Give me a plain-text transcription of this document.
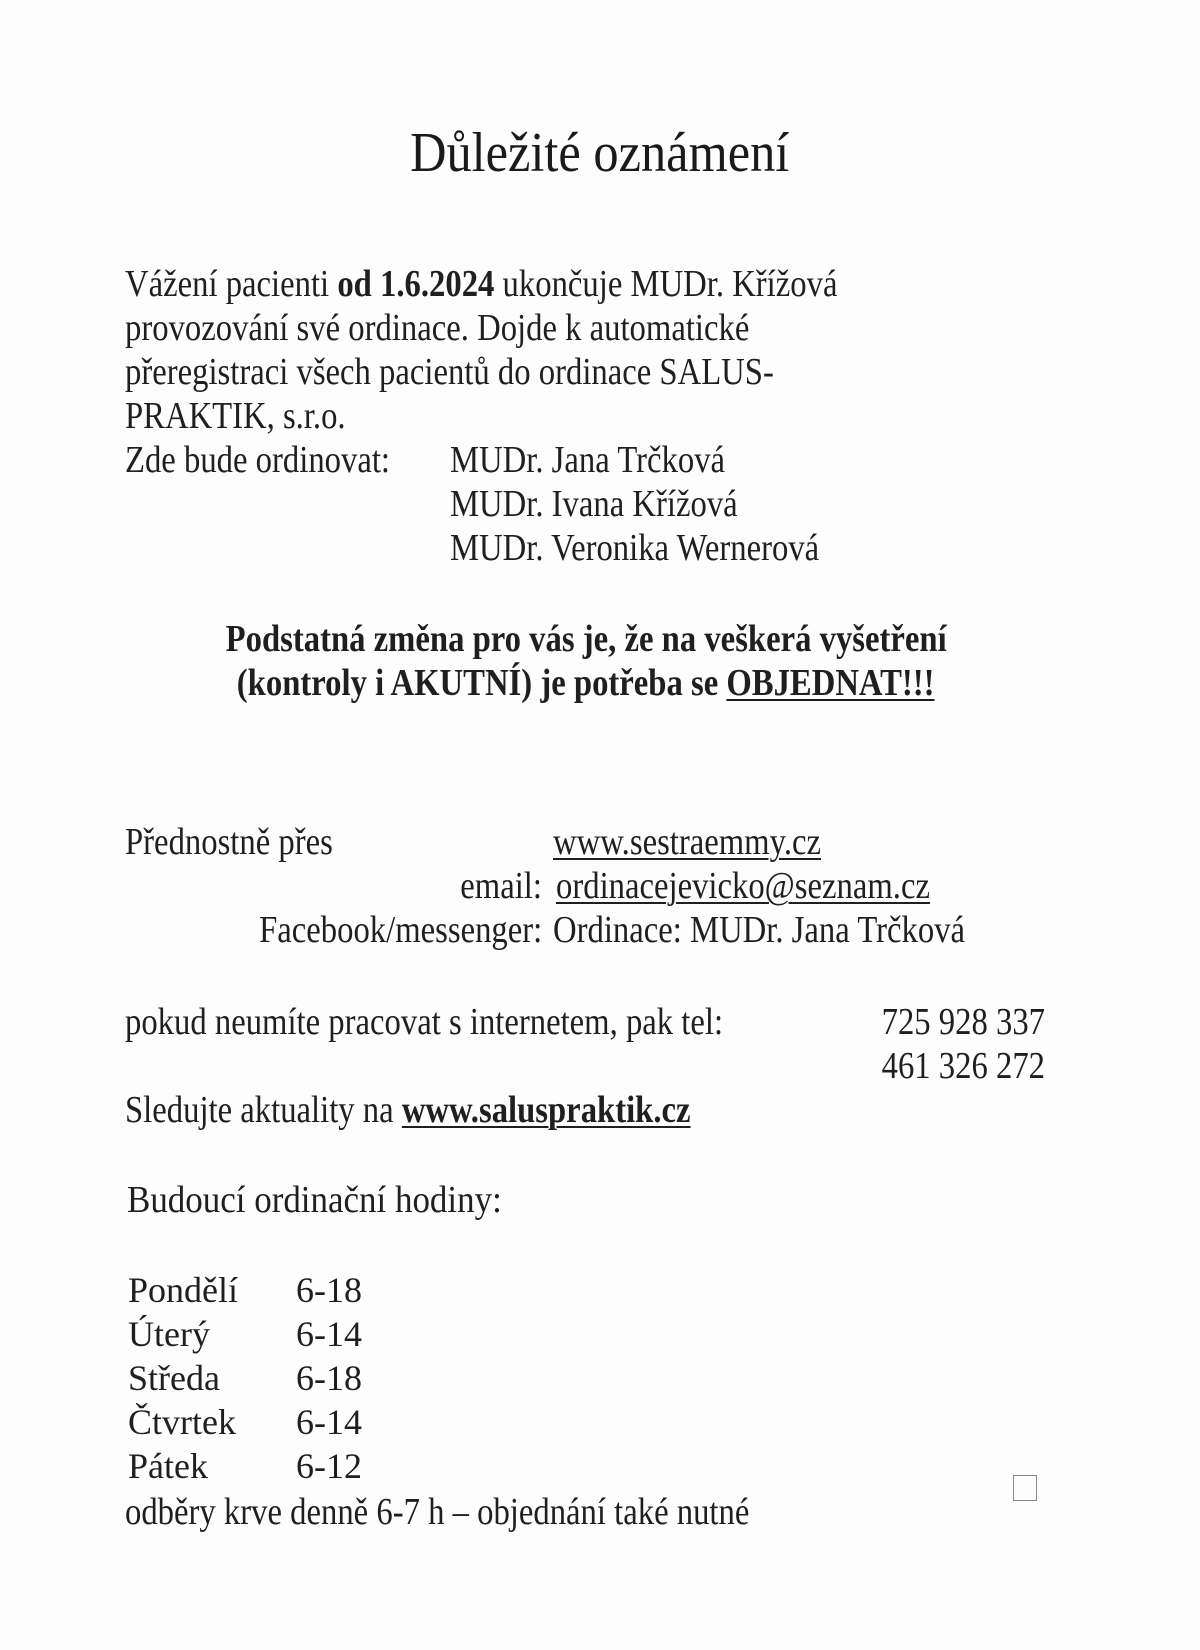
Důležité oznámení
Vážení pacienti od 1.6.2024 ukončuje MUDr. Křížová
provozování své ordinace. Dojde k automatické
přeregistraci všech pacientů do ordinace SALUS-
PRAKTIK, s.r.o.
Zde bude ordinovat: MUDr. Jana Trčková
MUDr. Ivana Křížová
MUDr. Veronika Wernerová
Podstatná změna pro vás je, že na veškerá vyšetření
(kontroly i AKUTNÍ) je potřeba se OBJEDNAT!!!
Přednostně přes	www.sestraemmy.cz
email: ordinacejevicko@seznam.cz
Facebook/messenger: Ordinace: MUDr. Jana Trčková
pokud neumíte pracovat s internetem, pak tel:	725 928 337
461 326 272
Sledujte aktuality na www.saluspraktik.cz
Budoucí ordinační hodiny:
Pondělí 6-18
Úterý 6-14
Středa 6-18
Čtvrtek 6-14
Pátek 6-12
odběry krve denně 6-7 h – objednání také nutné
